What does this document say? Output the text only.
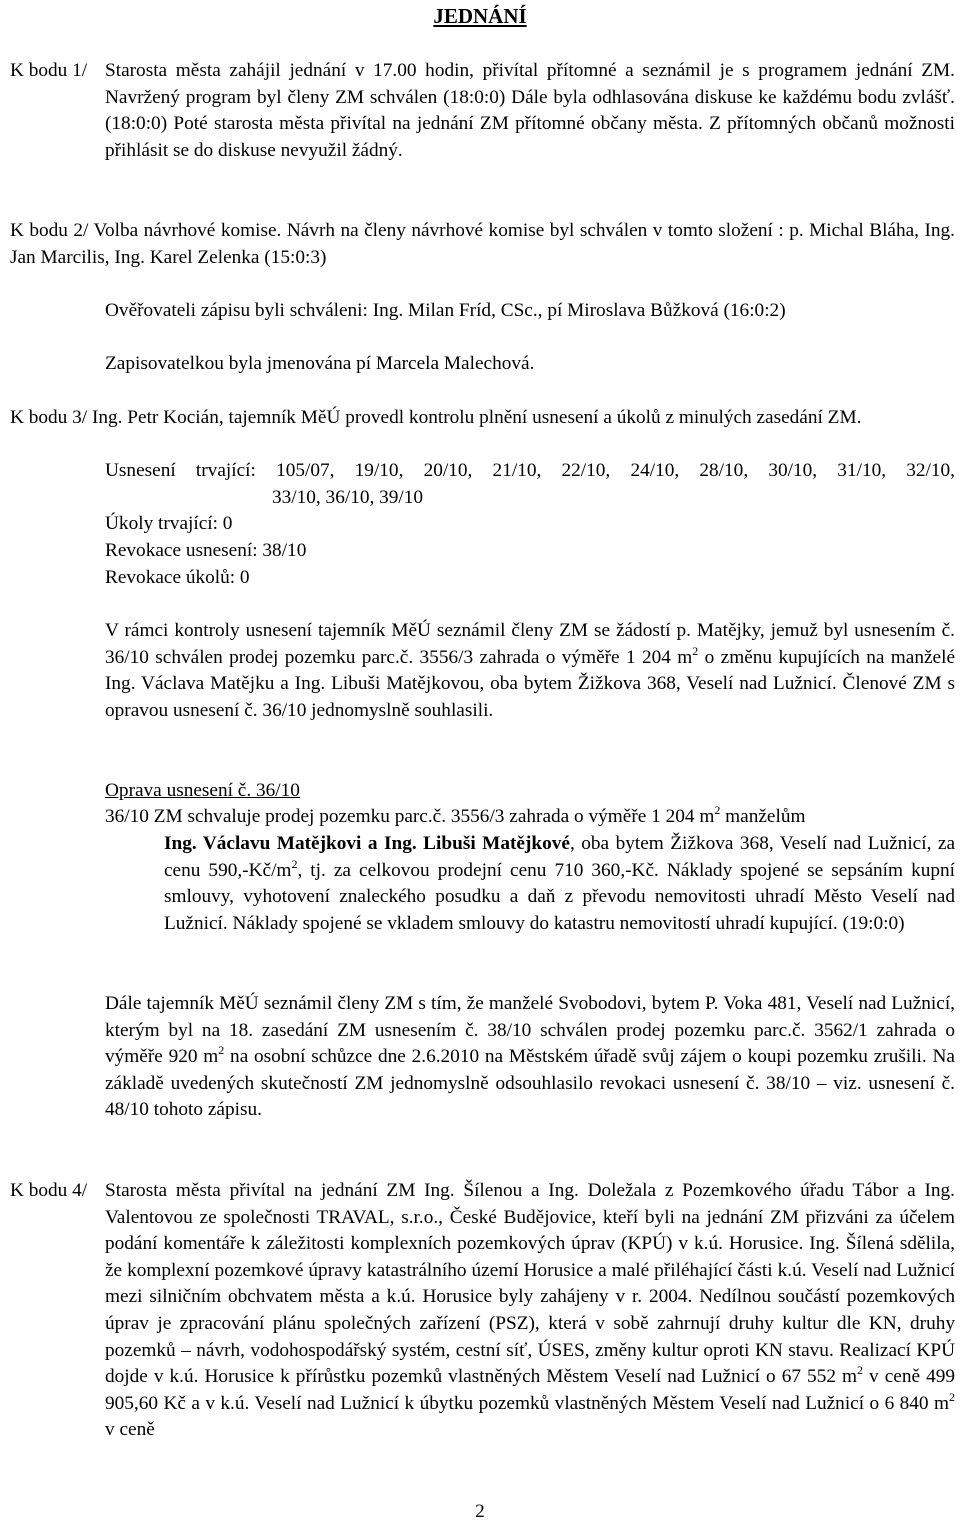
JEDNÁNÍ
K bodu 1/ Starosta města zahájil jednání v 17.00 hodin, přivítal přítomné a seznámil je s programem jednání ZM. Navržený program byl členy ZM schválen (18:0:0) Dále byla odhlasována diskuse ke každému bodu zvlášť. (18:0:0) Poté starosta města přivítal na jednání ZM přítomné občany města. Z přítomných občanů možnosti přihlásit se do diskuse nevyužil žádný.
K bodu 2/ Volba návrhové komise. Návrh na členy návrhové komise byl schválen v tomto složení : p. Michal Bláha, Ing. Jan Marcilis, Ing. Karel Zelenka (15:0:3)
Ověřovateli zápisu byli schváleni: Ing. Milan Fríd, CSc., pí Miroslava Bůžková (16:0:2)
Zapisovatelkou byla jmenována pí Marcela Malechová.
K bodu 3/ Ing. Petr Kocián, tajemník MěÚ provedl kontrolu plnění usnesení a úkolů z minulých zasedání ZM.
Usnesení trvající: 105/07, 19/10, 20/10, 21/10, 22/10, 24/10, 28/10, 30/10, 31/10, 32/10,
33/10, 36/10, 39/10
Úkoly trvající: 0
Revokace usnesení: 38/10
Revokace úkolů: 0
V rámci kontroly usnesení tajemník MěÚ seznámil členy ZM se žádostí p. Matějky, jemuž byl usnesením č. 36/10 schválen prodej pozemku parc.č. 3556/3 zahrada o výměře 1 204 $m^2$ o změnu kupujících na manželé Ing. Václava Matějku a Ing. Libuši Matějkovou, oba bytem Žižkova 368, Veselí nad Lužnicí. Členové ZM s opravou usnesení č. 36/10 jednomyslně souhlasili.
Oprava usnesení č. 36/10
36/10 ZM schvaluje prodej pozemku parc.č. 3556/3 zahrada o výměře 1 204 $m^2$ manželům
Ing. Václavu Matějkovi a Ing. Libuši Matějkové, oba bytem Žižkova 368, Veselí nad Lužnicí, za cenu $590,-Kč/m^2$, tj. za celkovou prodejní cenu 710 360,-Kč. Náklady spojené se sepsáním kupní smlouvy, vyhotovení znaleckého posudku a daň z převodu nemovitosti uhradí Město Veselí nad Lužnicí. Náklady spojené se vkladem smlouvy do katastru nemovitostí uhradí kupující. (19:0:0)
Dále tajemník MěÚ seznámil členy ZM s tím, že manželé Svobodovi, bytem P. Voka 481, Veselí nad Lužnicí, kterým byl na 18. zasedání ZM usnesením č. 38/10 schválen prodej pozemku parc.č. 3562/1 zahrada o výměře 920 $m^2$ na osobní schůzce dne 2.6.2010 na Městském úřadě svůj zájem o koupi pozemku zrušili. Na základě uvedených skutečností ZM jednomyslně odsouhlasilo revokaci usnesení č. 38/10 – viz. usnesení č. 48/10 tohoto zápisu.
K bodu 4/ Starosta města přivítal na jednání ZM Ing. Šílenou a Ing. Doležala z Pozemkového úřadu Tábor a Ing. Valentovou ze společnosti TRAVAL, s.r.o., České Budějovice, kteří byli na jednání ZM přizváni za účelem podání komentáře k záležitosti komplexních pozemkových úprav (KPÚ) v k.ú. Horusice. Ing. Šílená sdělila, že komplexní pozemkové úpravy katastrálního území Horusice a malé přiléhající části k.ú. Veselí nad Lužnicí mezi silničním obchvatem města a k.ú. Horusice byly zahájeny v r. 2004. Nedílnou součástí pozemkových úprav je zpracování plánu společných zařízení (PSZ), která v sobě zahrnují druhy kultur dle KN, druhy pozemků – návrh, vodohospodářský systém, cestní síť, ÚSES, změny kultur oproti KN stavu. Realizací KPÚ dojde v k.ú. Horusice k přírůstku pozemků vlastněných Městem Veselí nad Lužnicí o 67 552 $m^2$ v ceně 499 905,60 Kč a v k.ú. Veselí nad Lužnicí k úbytku pozemků vlastněných Městem Veselí nad Lužnicí o 6 840 $m^2$ v ceně
2
